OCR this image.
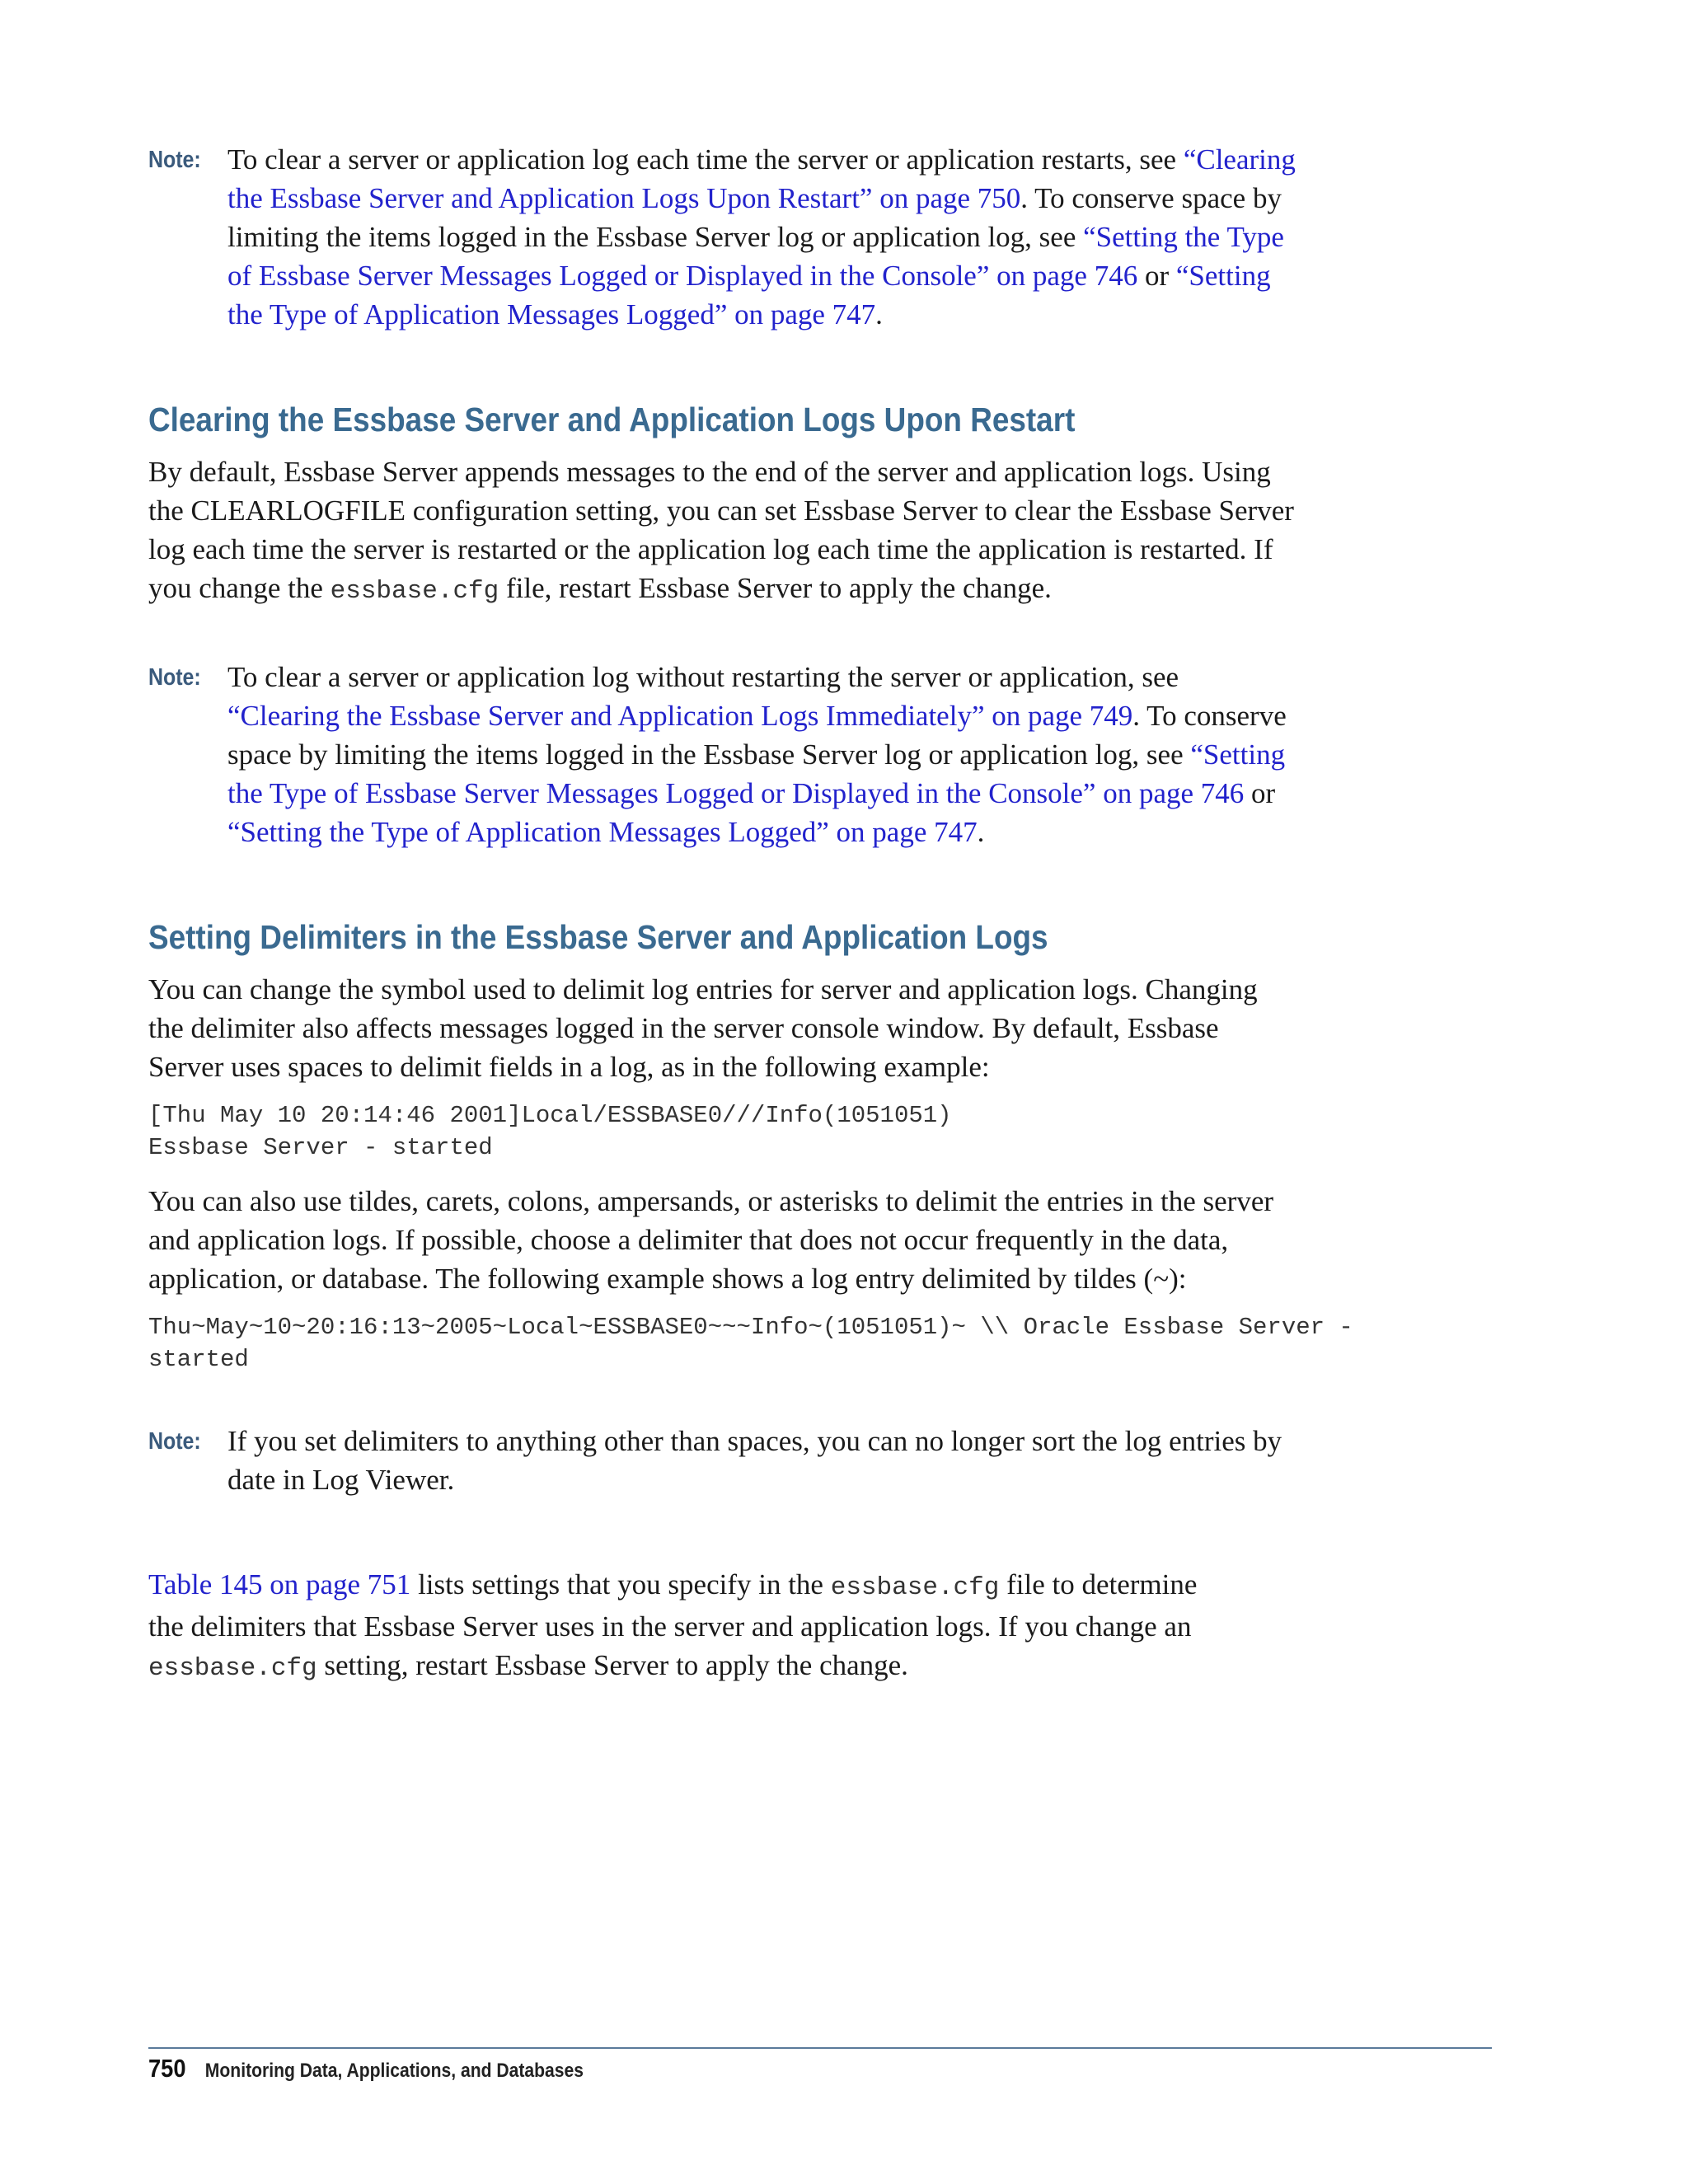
Note: To clear a server or application log each time the server or application restarts, see “Clearing the Essbase Server and Application Logs Upon Restart” on page 750. To conserve space by limiting the items logged in the Essbase Server log or application log, see “Setting the Type of Essbase Server Messages Logged or Displayed in the Console” on page 746 or “Setting the Type of Application Messages Logged” on page 747.

Clearing the Essbase Server and Application Logs Upon Restart

By default, Essbase Server appends messages to the end of the server and application logs. Using the CLEARLOGFILE configuration setting, you can set Essbase Server to clear the Essbase Server log each time the server is restarted or the application log each time the application is restarted. If you change the essbase.cfg file, restart Essbase Server to apply the change.

Note: To clear a server or application log without restarting the server or application, see “Clearing the Essbase Server and Application Logs Immediately” on page 749. To conserve space by limiting the items logged in the Essbase Server log or application log, see “Setting the Type of Essbase Server Messages Logged or Displayed in the Console” on page 746 or “Setting the Type of Application Messages Logged” on page 747.

Setting Delimiters in the Essbase Server and Application Logs

You can change the symbol used to delimit log entries for server and application logs. Changing the delimiter also affects messages logged in the server console window. By default, Essbase Server uses spaces to delimit fields in a log, as in the following example:

[Thu May 10 20:14:46 2001]Local/ESSBASE0///Info(1051051)
Essbase Server - started

You can also use tildes, carets, colons, ampersands, or asterisks to delimit the entries in the server and application logs. If possible, choose a delimiter that does not occur frequently in the data, application, or database. The following example shows a log entry delimited by tildes (~):

Thu~May~10~20:16:13~2005~Local~ESSBASE0~~~Info~(1051051)~ \\ Oracle Essbase Server -
started

Note: If you set delimiters to anything other than spaces, you can no longer sort the log entries by date in Log Viewer.

Table 145 on page 751 lists settings that you specify in the essbase.cfg file to determine the delimiters that Essbase Server uses in the server and application logs. If you change an essbase.cfg setting, restart Essbase Server to apply the change.

750 Monitoring Data, Applications, and Databases
